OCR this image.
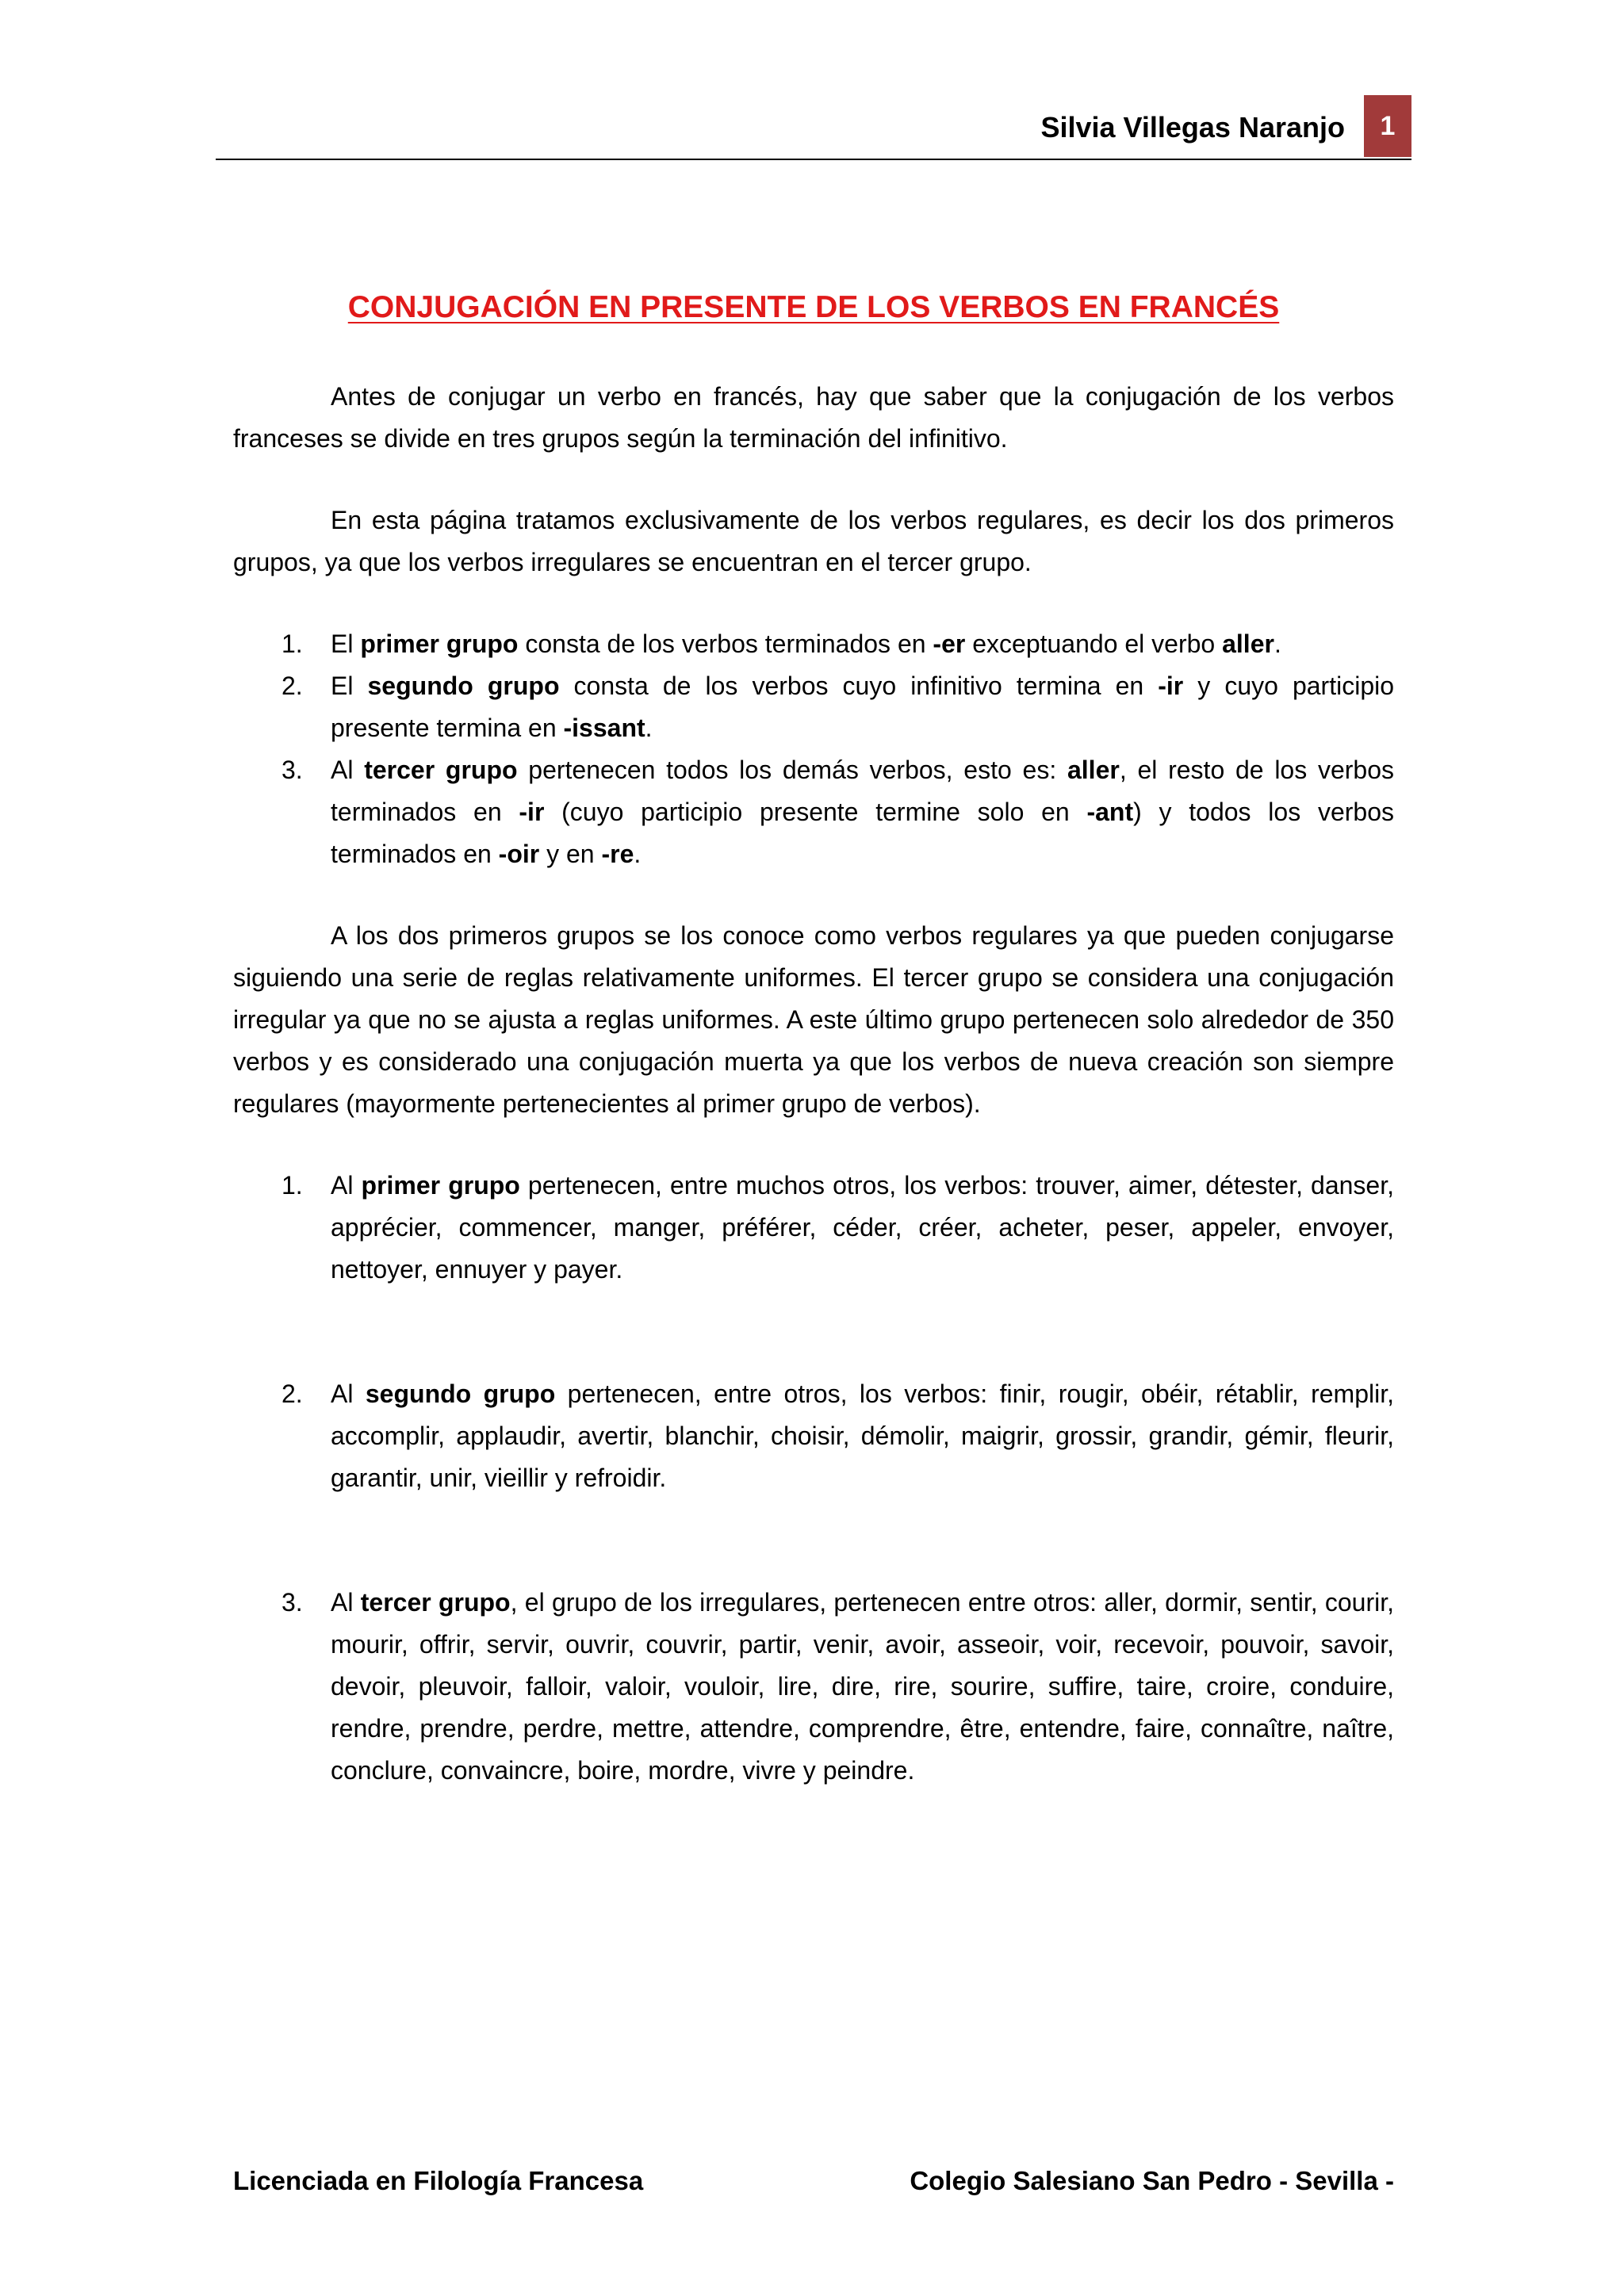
Silvia Villegas Naranjo	1
CONJUGACIÓN EN PRESENTE DE LOS VERBOS EN FRANCÉS

Antes de conjugar un verbo en francés, hay que saber que la conjugación de los verbos franceses se divide en tres grupos según la terminación del infinitivo.

En esta página tratamos exclusivamente de los verbos regulares, es decir los dos primeros grupos, ya que los verbos irregulares se encuentran en el tercer grupo.

1. El primer grupo consta de los verbos terminados en -er exceptuando el verbo aller.
2. El segundo grupo consta de los verbos cuyo infinitivo termina en -ir y cuyo participio presente termina en -issant.
3. Al tercer grupo pertenecen todos los demás verbos, esto es: aller, el resto de los verbos terminados en -ir (cuyo participio presente termine solo en -ant) y todos los verbos terminados en -oir y en -re.

A los dos primeros grupos se los conoce como verbos regulares ya que pueden conjugarse siguiendo una serie de reglas relativamente uniformes. El tercer grupo se considera una conjugación irregular ya que no se ajusta a reglas uniformes. A este último grupo pertenecen solo alrededor de 350 verbos y es considerado una conjugación muerta ya que los verbos de nueva creación son siempre regulares (mayormente pertenecientes al primer grupo de verbos).

1. Al primer grupo pertenecen, entre muchos otros, los verbos: trouver, aimer, détester, danser, apprécier, commencer, manger, préférer, céder, créer, acheter, peser, appeler, envoyer, nettoyer, ennuyer y payer.
2. Al segundo grupo pertenecen, entre otros, los verbos: finir, rougir, obéir, rétablir, remplir, accomplir, applaudir, avertir, blanchir, choisir, démolir, maigrir, grossir, grandir, gémir, fleurir, garantir, unir, vieillir y refroidir.
3. Al tercer grupo, el grupo de los irregulares, pertenecen entre otros: aller, dormir, sentir, courir, mourir, offrir, servir, ouvrir, couvrir, partir, venir, avoir, asseoir, voir, recevoir, pouvoir, savoir, devoir, pleuvoir, falloir, valoir, vouloir, lire, dire, rire, sourire, suffire, taire, croire, conduire, rendre, prendre, perdre, mettre, attendre, comprendre, être, entendre, faire, connaître, naître, conclure, convaincre, boire, mordre, vivre y peindre.
Licenciada en Filología Francesa	Colegio Salesiano San Pedro - Sevilla -
